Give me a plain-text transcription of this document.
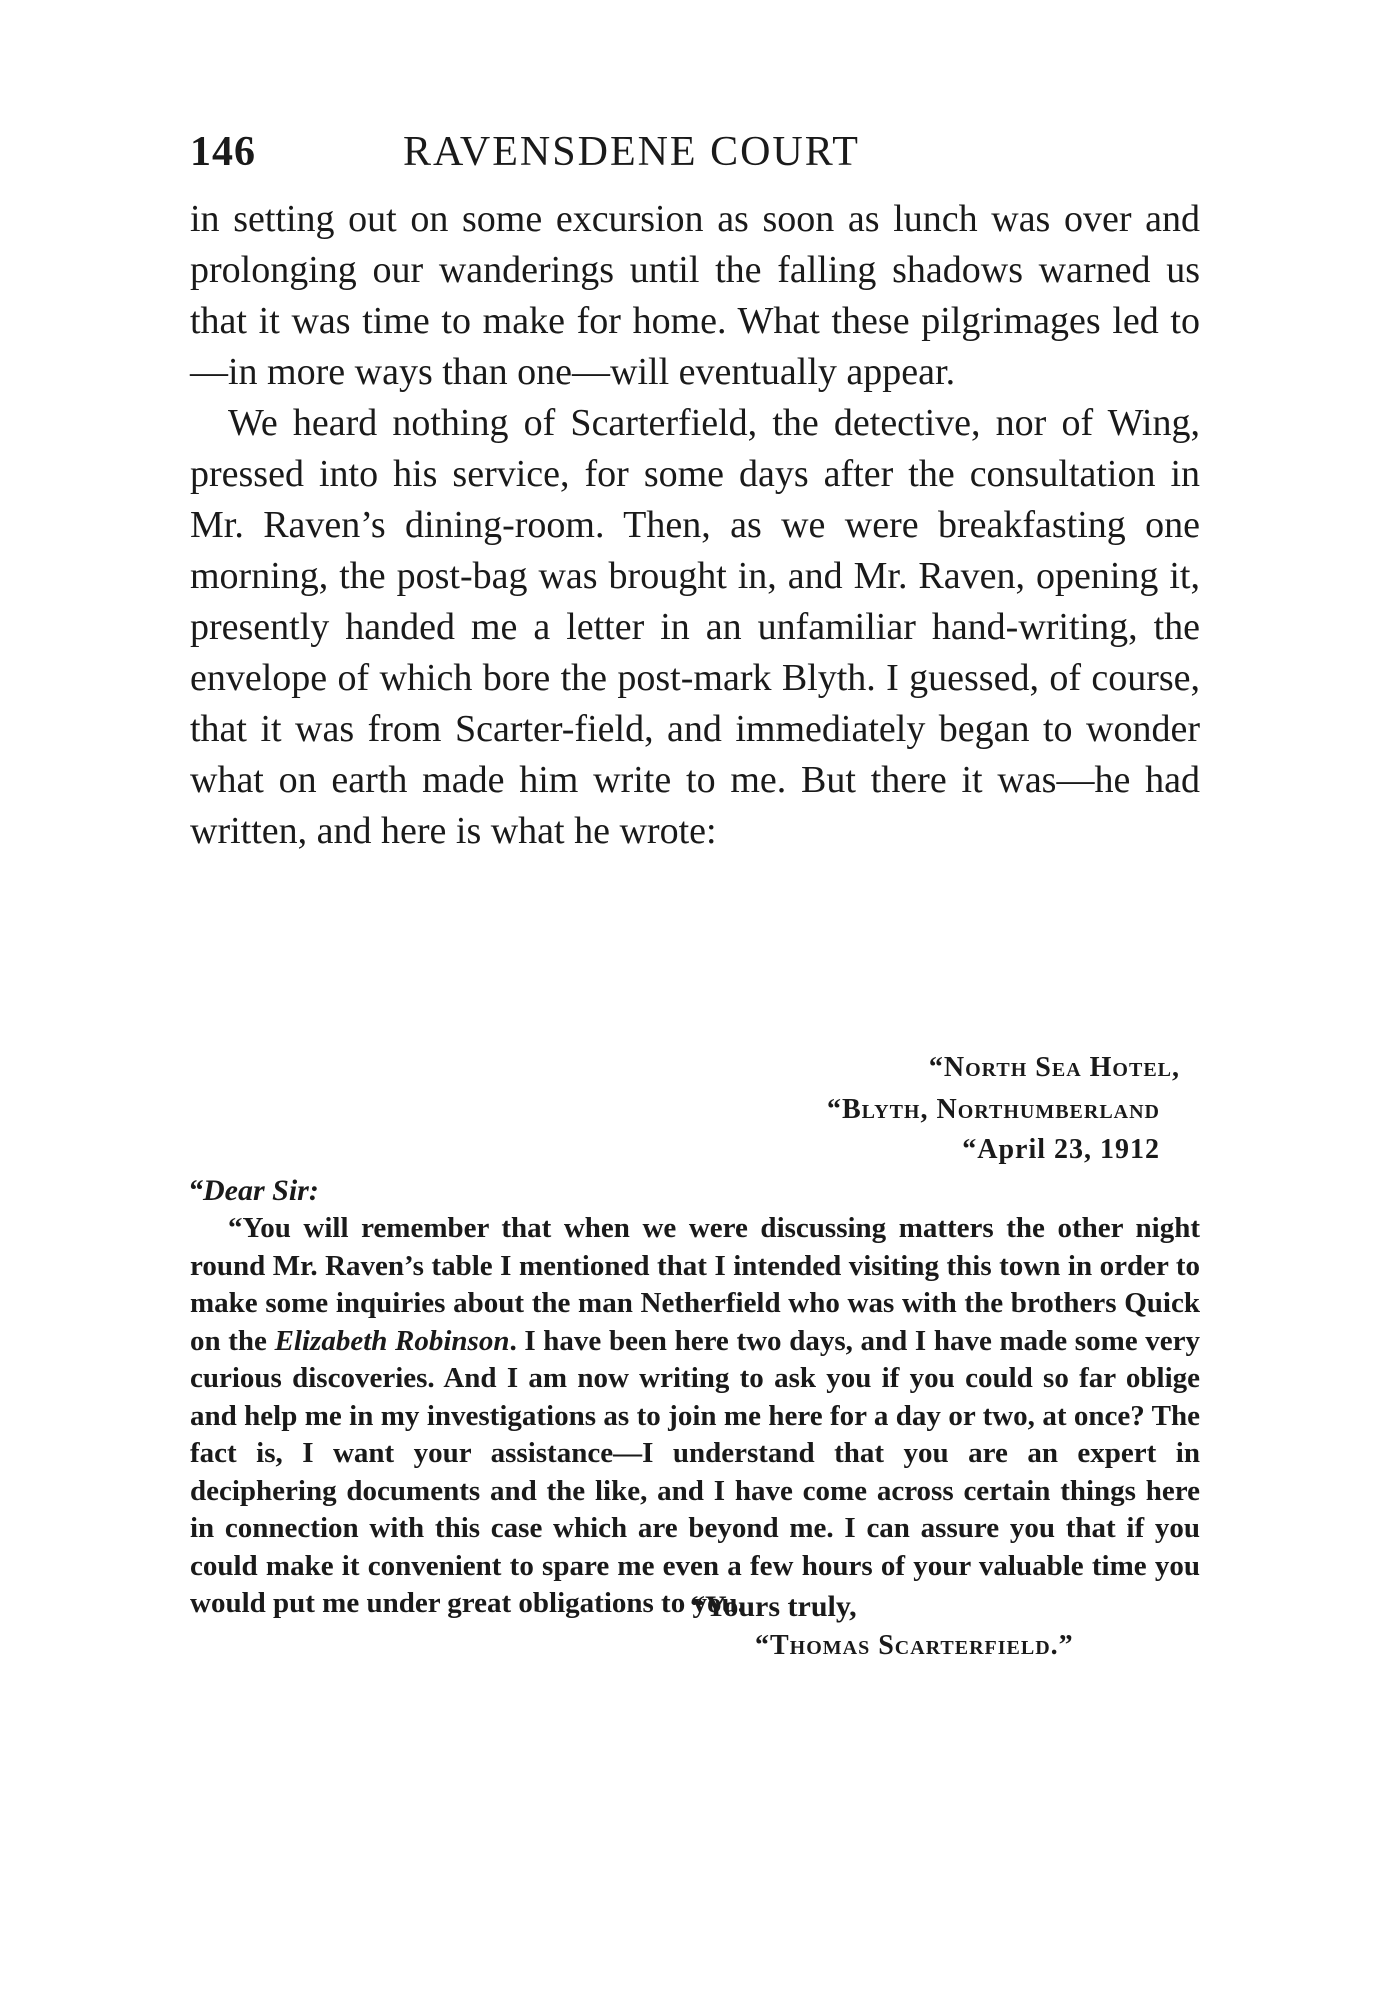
146	RAVENSDENE COURT

in setting out on some excursion as soon as lunch was over and prolonging our wanderings until the falling shadows warned us that it was time to make for home. What these pilgrimages led to—in more ways than one—will eventually appear.

We heard nothing of Scarterfield, the detective, nor of Wing, pressed into his service, for some days after the consultation in Mr. Raven’s dining-room. Then, as we were breakfasting one morning, the post-bag was brought in, and Mr. Raven, opening it, presently handed me a letter in an unfamiliar hand-writing, the envelope of which bore the post-mark Blyth. I guessed, of course, that it was from Scarter-field, and immediately began to wonder what on earth made him write to me. But there it was—he had written, and here is what he wrote:

“North Sea Hotel,
“Blyth, Northumberland
“April 23, 1912
“Dear Sir:

“You will remember that when we were discussing matters the other night round Mr. Raven’s table I mentioned that I intended visiting this town in order to make some inquiries about the man Netherfield who was with the brothers Quick on the Elizabeth Robinson. I have been here two days, and I have made some very curious discoveries. And I am now writing to ask you if you could so far oblige and help me in my investigations as to join me here for a day or two, at once? The fact is, I want your assistance—I understand that you are an expert in deciphering documents and the like, and I have come across certain things here in connection with this case which are beyond me. I can assure you that if you could make it convenient to spare me even a few hours of your valuable time you would put me under great obligations to you.

“Yours truly,
“Thomas Scarterfield.”
